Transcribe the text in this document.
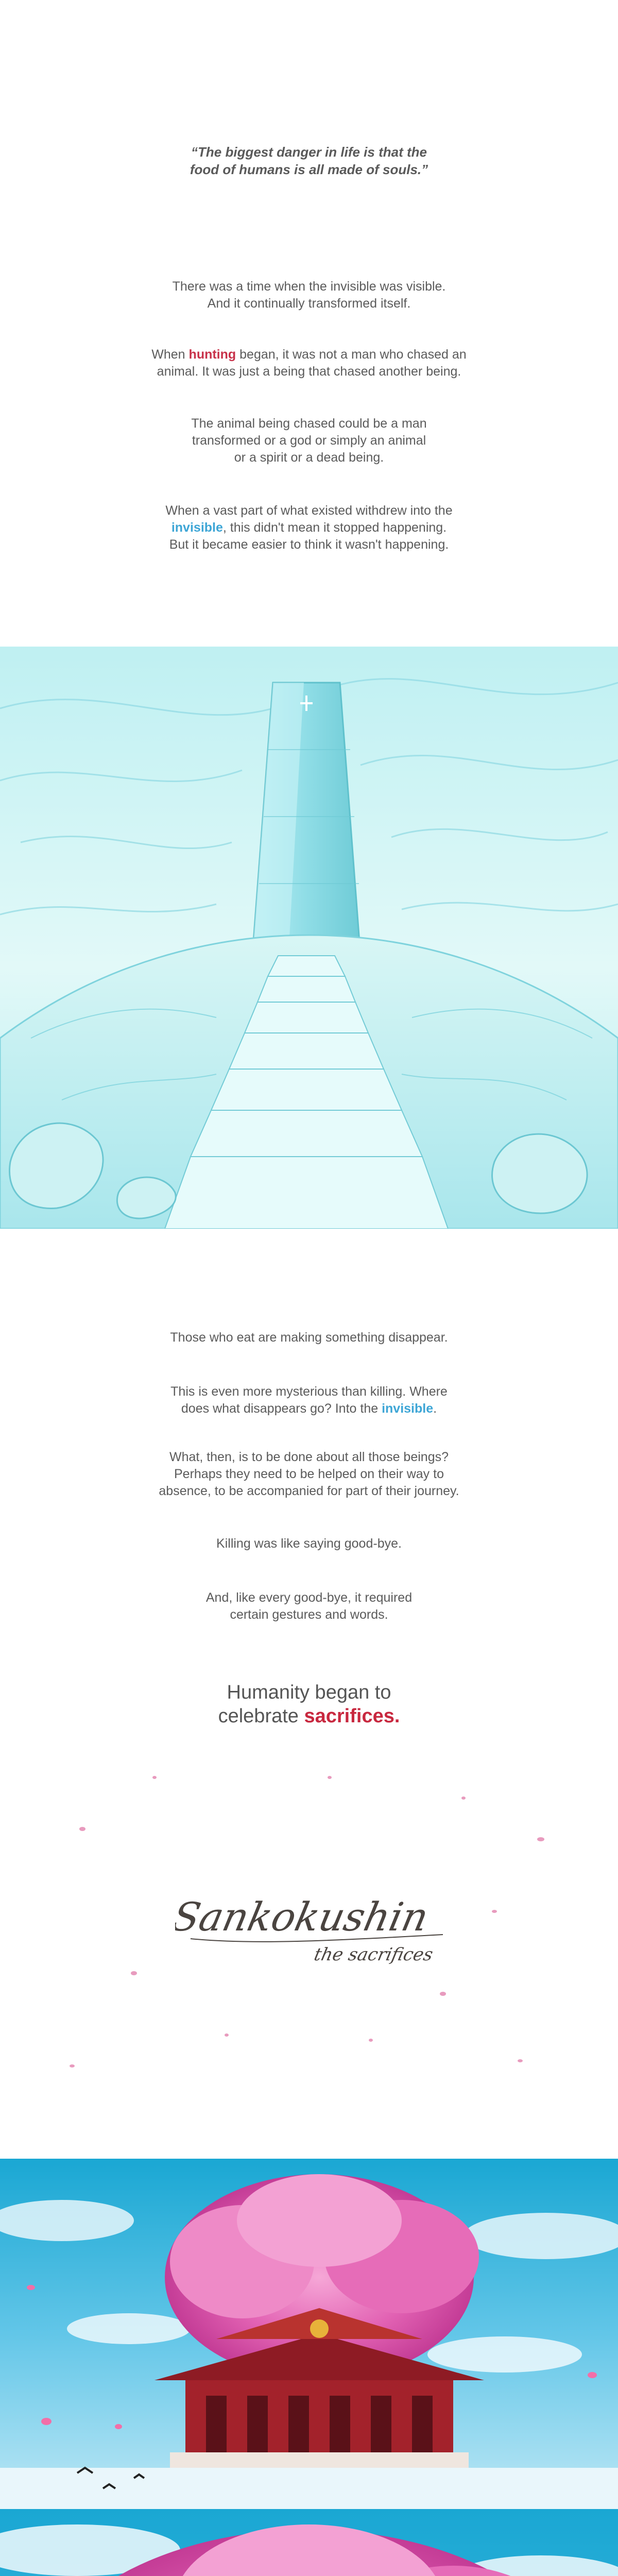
“The biggest danger in life is that the
food of humans is all made of souls.”
There was a time when the invisible was visible.
And it continually transformed itself.
When hunting began, it was not a man who chased an
animal. It was just a being that chased another being.
The animal being chased could be a man
transformed or a god or simply an animal
or a spirit or a dead being.
When a vast part of what existed withdrew into the
invisible, this didn't mean it stopped happening.
But it became easier to think it wasn't happening.
Those who eat are making something disappear.
This is even more mysterious than killing. Where
does what disappears go? Into the invisible.
What, then, is to be done about all those beings?
Perhaps they need to be helped on their way to
absence, to be accompanied for part of their journey.
Killing was like saying good-bye.
And, like every good-bye, it required
certain gestures and words.
Humanity began to
celebrate sacrifices.
Sankokushin
the sacrifices
